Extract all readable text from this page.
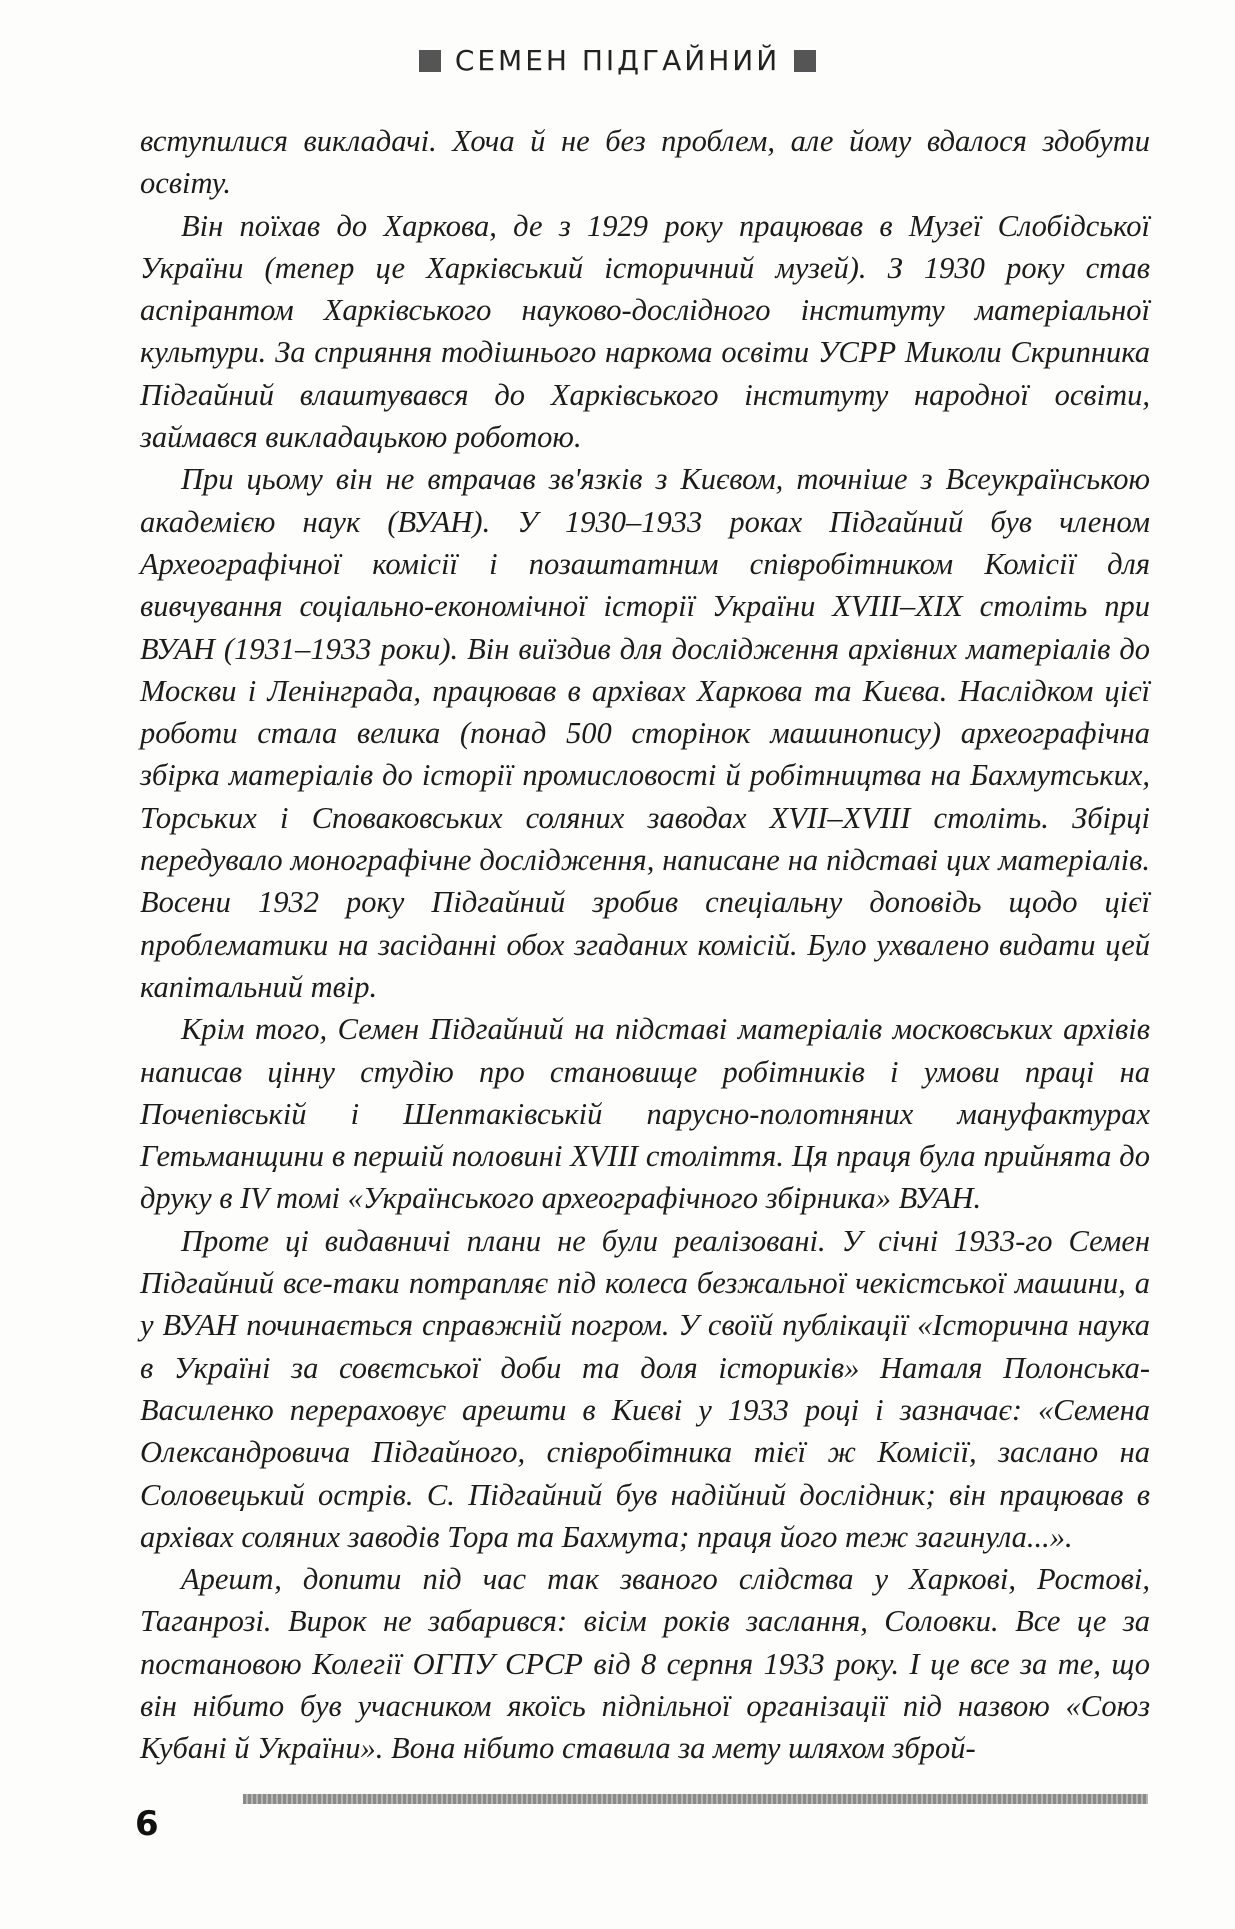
СЕМЕН ПІДГАЙНИЙ

вступилися викладачі. Хоча й не без проблем, але йому вдалося здобути освіту.

Він поїхав до Харкова, де з 1929 року працював в Музеї Слобідської України (тепер це Харківський історичний музей). З 1930 року став аспірантом Харківського науково-дослідного інституту матеріальної культури. За сприяння тодішнього наркома освіти УСРР Миколи Скрипника Підгайний влаштувався до Харківського інституту народної освіти, займався викладацькою роботою.

При цьому він не втрачав зв'язків з Києвом, точніше з Всеукраїнською академією наук (ВУАН). У 1930–1933 роках Підгайний був членом Археографічної комісії і позаштатним співробітником Комісії для вивчування соціально-економічної історії України XVIII–XIX століть при ВУАН (1931–1933 роки). Він виїздив для дослідження архівних матеріалів до Москви і Ленінграда, працював в архівах Харкова та Києва. Наслідком цієї роботи стала велика (понад 500 сторінок машинопису) археографічна збірка матеріалів до історії промисловості й робітництва на Бахмутських, Торських і Споваковських соляних заводах XVII–XVIII століть. Збірці передувало монографічне дослідження, написане на підставі цих матеріалів. Восени 1932 року Підгайний зробив спеціальну доповідь щодо цієї проблематики на засіданні обох згаданих комісій. Було ухвалено видати цей капітальний твір.

Крім того, Семен Підгайний на підставі матеріалів московських архівів написав цінну студію про становище робітників і умови праці на Почепівській і Шептаківській парусно-полотняних мануфактурах Гетьманщини в першій половині XVIII століття. Ця праця була прийнята до друку в IV томі «Українського археографічного збірника» ВУАН.

Проте ці видавничі плани не були реалізовані. У січні 1933-го Семен Підгайний все-таки потрапляє під колеса безжальної чекістської машини, а у ВУАН починається справжній погром. У своїй публікації «Історична наука в Україні за совєтської доби та доля істориків» Наталя Полонська-Василенко перераховує арешти в Києві у 1933 році і зазначає: «Семена Олександровича Підгайного, співробітника тієї ж Комісії, заслано на Соловецький острів. С. Підгайний був надійний дослідник; він працював в архівах соляних заводів Тора та Бахмута; праця його теж загинула...».

Арешт, допити під час так званого слідства у Харкові, Ростові, Таганрозі. Вирок не забарився: вісім років заслання, Соловки. Все це за постановою Колегії ОГПУ СРСР від 8 серпня 1933 року. І це все за те, що він нібито був учасником якоїсь підпільної організації під назвою «Союз Кубані й України». Вона нібито ставила за мету шляхом збрoй-

6
